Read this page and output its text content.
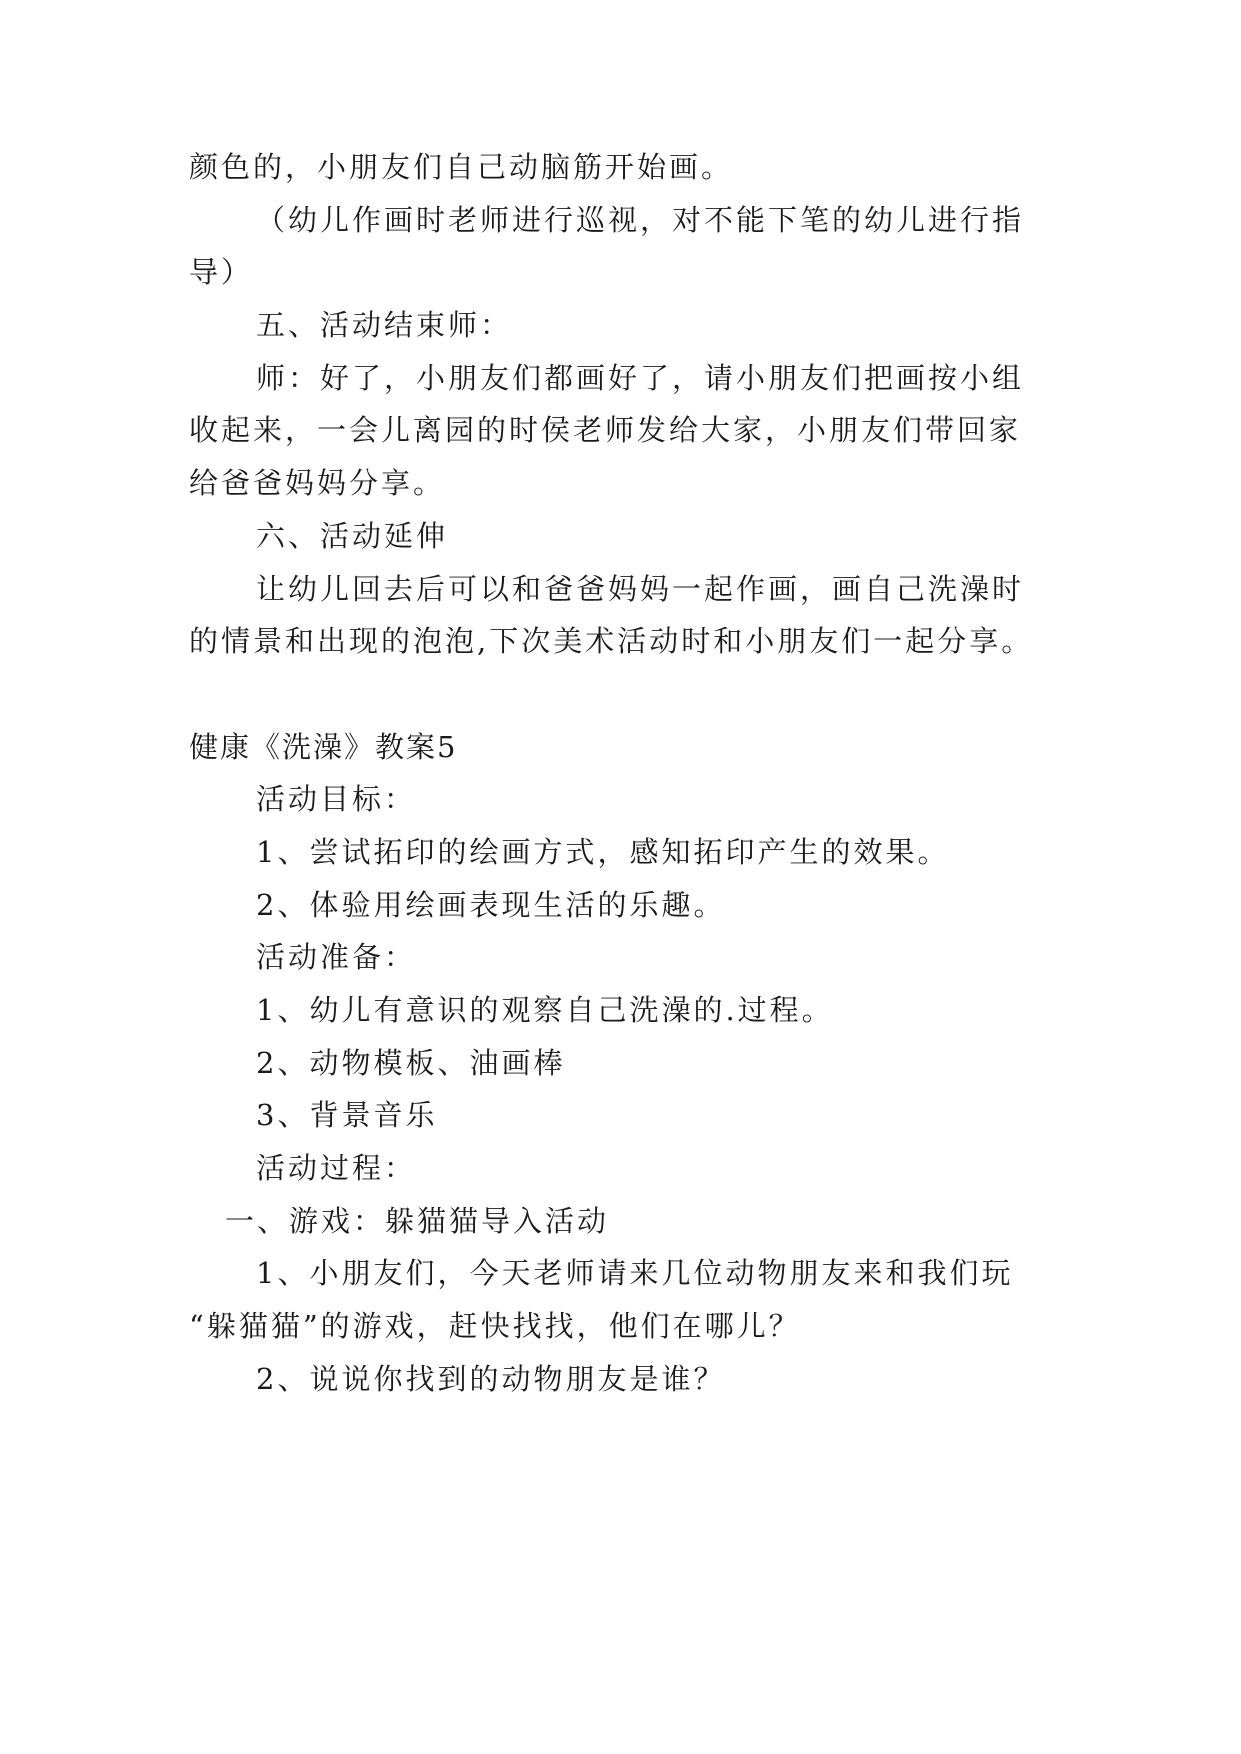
颜色的，小朋友们自己动脑筋开始画。
（幼儿作画时老师进行巡视，对不能下笔的幼儿进行指
导）
五、活动结束师：
师：好了，小朋友们都画好了，请小朋友们把画按小组
收起来，一会儿离园的时侯老师发给大家，小朋友们带回家
给爸爸妈妈分享。
六、活动延伸
让幼儿回去后可以和爸爸妈妈一起作画，画自己洗澡时
的情景和出现的泡泡,下次美术活动时和小朋友们一起分享。
健康《洗澡》教案5
活动目标：
1、尝试拓印的绘画方式，感知拓印产生的效果。
2、体验用绘画表现生活的乐趣。
活动准备：
1、幼儿有意识的观察自己洗澡的.过程。
2、动物模板、油画棒
3、背景音乐
活动过程：
一、游戏：躲猫猫导入活动
1、小朋友们，今天老师请来几位动物朋友来和我们玩
“躲猫猫”的游戏，赶快找找，他们在哪儿？
2、说说你找到的动物朋友是谁？
